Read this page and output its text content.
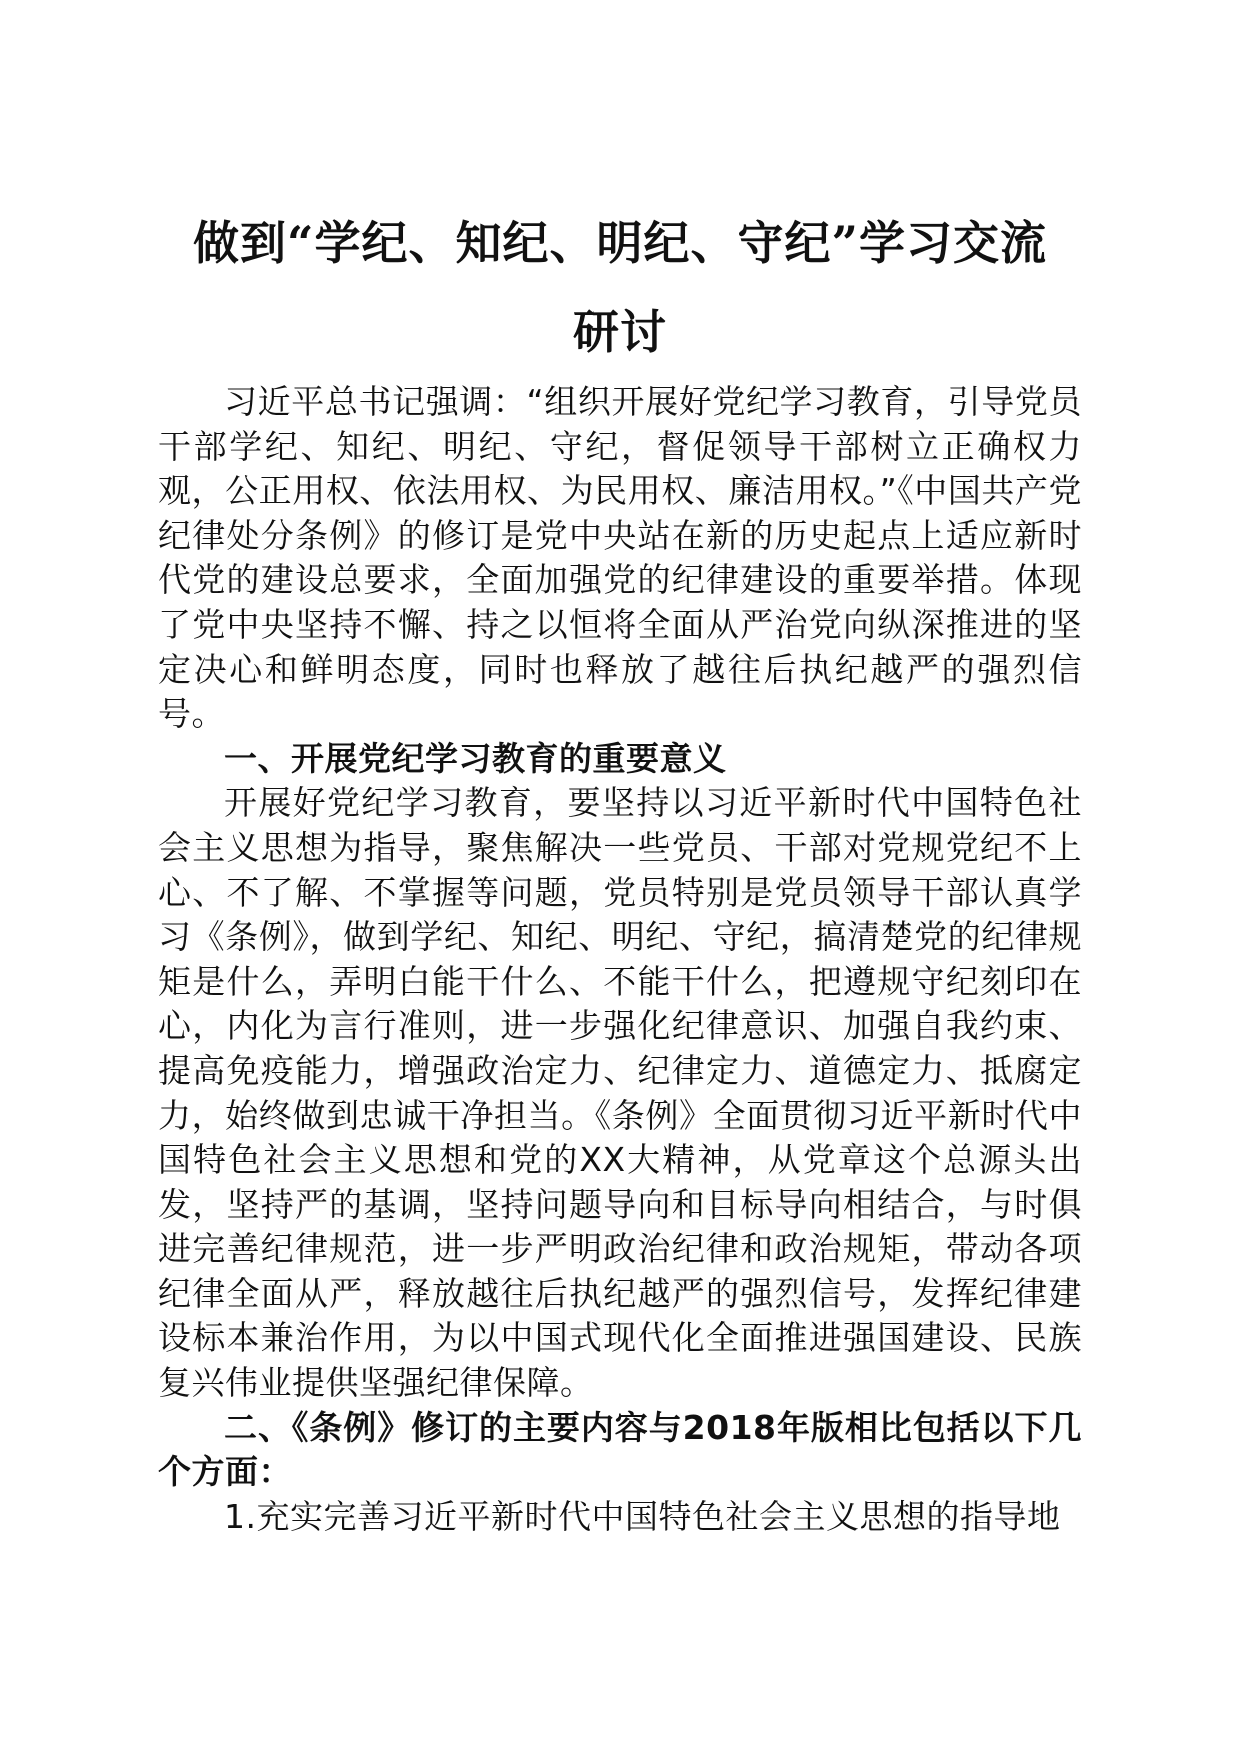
做到“学纪、知纪、明纪、守纪”学习交流
研讨

习近平总书记强调：“组织开展好党纪学习教育，引导党员干部学纪、知纪、明纪、守纪，督促领导干部树立正确权力观，公正用权、依法用权、为民用权、廉洁用权。”《中国共产党纪律处分条例》的修订是党中央站在新的历史起点上适应新时代党的建设总要求，全面加强党的纪律建设的重要举措。体现了党中央坚持不懈、持之以恒将全面从严治党向纵深推进的坚定决心和鲜明态度，同时也释放了越往后执纪越严的强烈信号。

一、开展党纪学习教育的重要意义

开展好党纪学习教育，要坚持以习近平新时代中国特色社会主义思想为指导，聚焦解决一些党员、干部对党规党纪不上心、不了解、不掌握等问题，党员特别是党员领导干部认真学习《条例》，做到学纪、知纪、明纪、守纪，搞清楚党的纪律规矩是什么，弄明白能干什么、不能干什么，把遵规守纪刻印在心，内化为言行准则，进一步强化纪律意识、加强自我约束、提高免疫能力，增强政治定力、纪律定力、道德定力、抵腐定力，始终做到忠诚干净担当。《条例》全面贯彻习近平新时代中国特色社会主义思想和党的XX大精神，从党章这个总源头出发，坚持严的基调，坚持问题导向和目标导向相结合，与时俱进完善纪律规范，进一步严明政治纪律和政治规矩，带动各项纪律全面从严，释放越往后执纪越严的强烈信号，发挥纪律建设标本兼治作用，为以中国式现代化全面推进强国建设、民族复兴伟业提供坚强纪律保障。

二、《条例》修订的主要内容与2018年版相比包括以下几个方面：

1.充实完善习近平新时代中国特色社会主义思想的指导地
